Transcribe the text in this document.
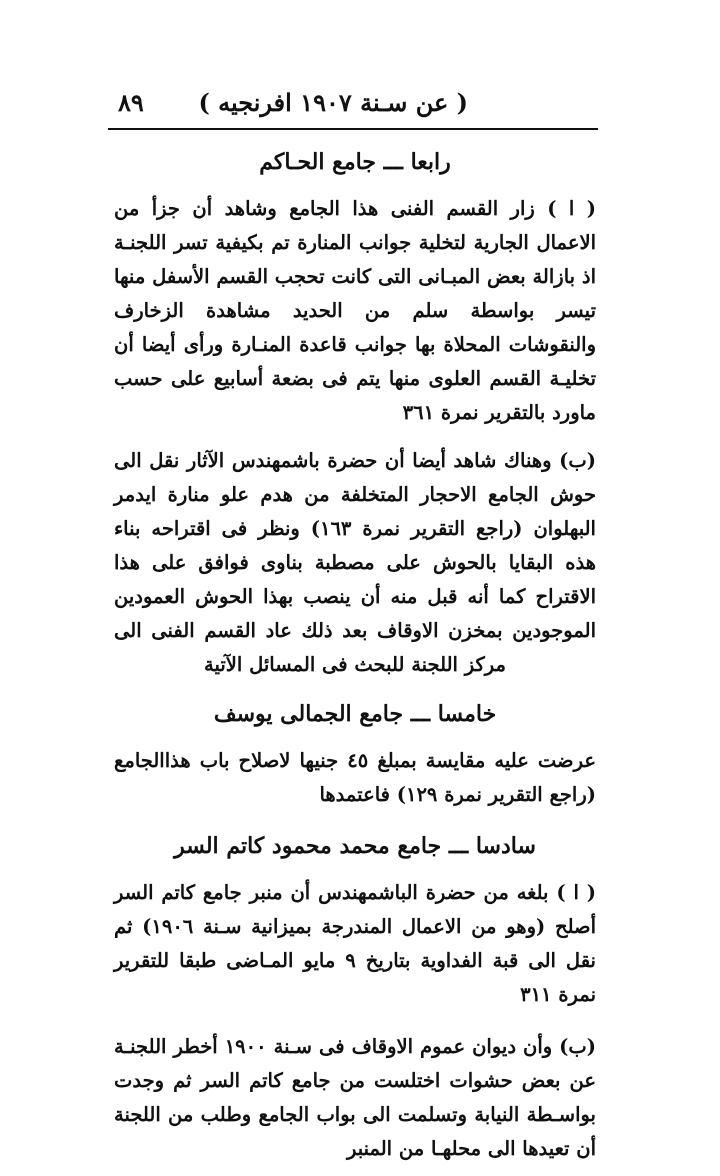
٨٩ ( عن سـنة ١٩٠٧ افرنجيه )
رابعا ـــ جامع الحـاكم

( ا ) زار القسم الفنى هذا الجامع وشاهد أن جزأ من الاعمال الجارية لتخلية جوانب المنارة تم بكيفية تسر اللجنـة اذ بازالة بعض المبـانى التى كانت تحجب القسم الأسفل منها تيسر بواسطة سلم من الحديد مشاهدة الزخارف والنقوشات المحلاة بها جوانب قاعدة المنـارة ورأى أيضا أن تخليـة القسم العلوى منها يتم فى بضعة أسابيع على حسب ماورد بالتقرير نمرة ٣٦١

(ب) وهناك شاهد أيضا أن حضرة باشمهندس الآثار نقل الى حوش الجامع الاحجار المتخلفة من هدم علو منارة ايدمر البهلوان (راجع التقرير نمرة ١٦٣) ونظر فى اقتراحه بناء هذه البقايا بالحوش على مصطبة بناوى فوافق على هذا الاقتراح كما أنه قبل منه أن ينصب بهذا الحوش العمودين الموجودين بمخزن الاوقاف بعد ذلك عاد القسم الفنى الى مركز اللجنة للبحث فى المسائل الآتية

خامسا ـــ جامع الجمالى يوسف

عرضت عليه مقايسة بمبلغ ٤٥ جنيها لاصلاح باب هذاالجامع (راجع التقرير نمرة ١٢٩) فاعتمدها

سادسا ـــ جامع محمد محمود كاتم السر

( ا ) بلغه من حضرة الباشمهندس أن منبر جامع كاتم السر أصلح (وهو من الاعمال المندرجة بميزانية سـنة ١٩٠٦) ثم نقل الى قبة الفداوية بتاريخ ٩ مايو المـاضى طبقا للتقرير نمرة ٣١١

(ب) وأن ديوان عموم الاوقاف فى سـنة ١٩٠٠ أخطر اللجنـة عن بعض حشوات اختلست من جامع كاتم السر ثم وجدت بواسـطة النيابة وتسلمت الى بواب الجامع وطلب من اللجنة أن تعيدها الى محلهـا من المنبر
